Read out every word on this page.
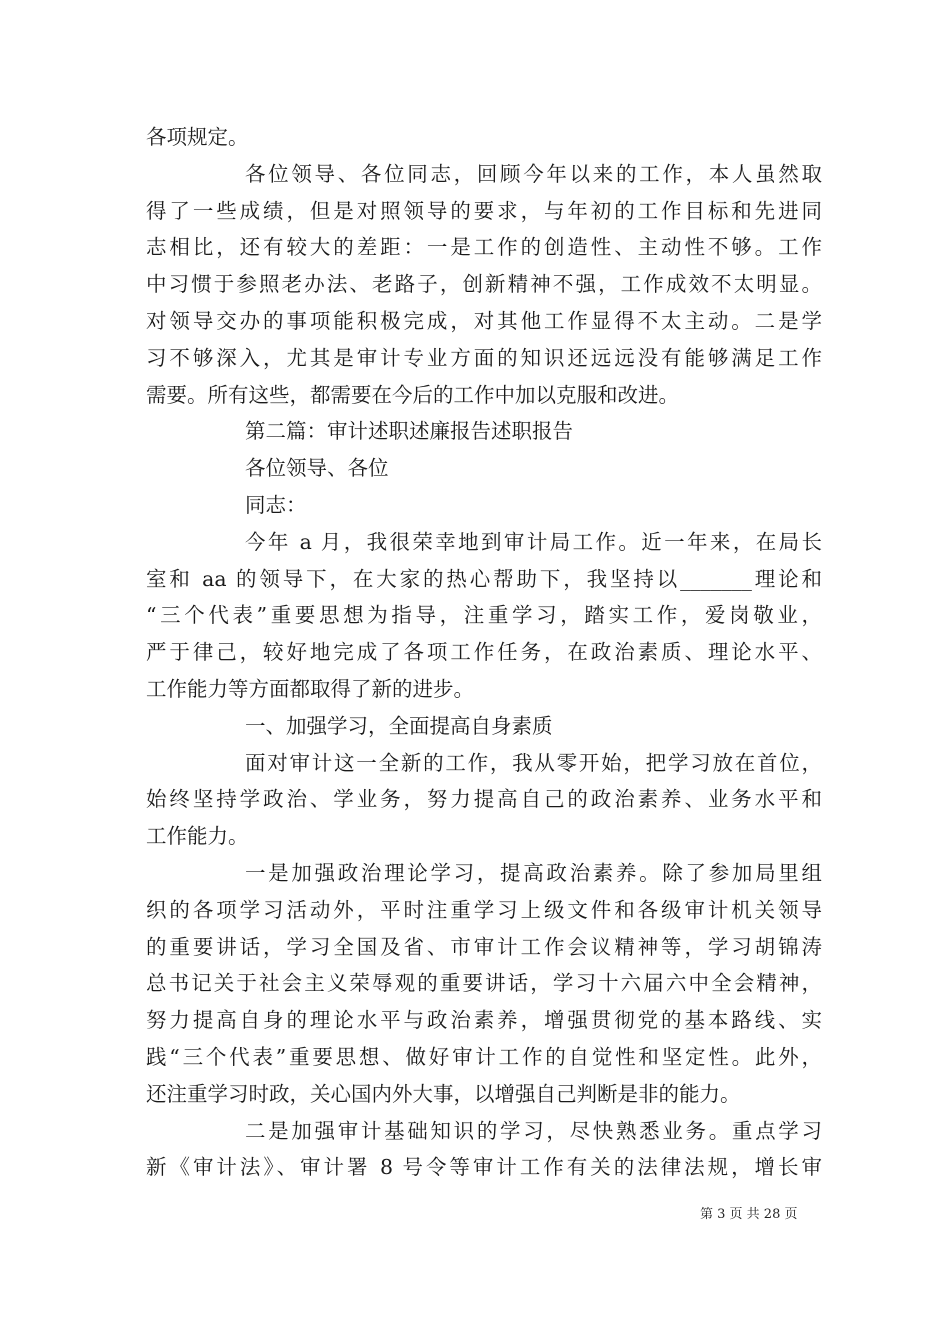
各项规定。
各位领导、各位同志，回顾今年以来的工作，本人虽然取
得了一些成绩，但是对照领导的要求，与年初的工作目标和先进同
志相比，还有较大的差距：一是工作的创造性、主动性不够。工作
中习惯于参照老办法、老路子，创新精神不强，工作成效不太明显。
对领导交办的事项能积极完成，对其他工作显得不太主动。二是学
习不够深入，尤其是审计专业方面的知识还远远没有能够满足工作
需要。所有这些，都需要在今后的工作中加以克服和改进。
第二篇：审计述职述廉报告述职报告
各位领导、各位
同志：
今年 a 月，我很荣幸地到审计局工作。近一年来，在局长
室和 aa 的领导下，在大家的热心帮助下，我坚持以_______理论和
“三个代表”重要思想为指导，注重学习，踏实工作，爱岗敬业，
严于律己，较好地完成了各项工作任务，在政治素质、理论水平、
工作能力等方面都取得了新的进步。
一、加强学习，全面提高自身素质
面对审计这一全新的工作，我从零开始，把学习放在首位，
始终坚持学政治、学业务，努力提高自己的政治素养、业务水平和
工作能力。
一是加强政治理论学习，提高政治素养。除了参加局里组
织的各项学习活动外，平时注重学习上级文件和各级审计机关领导
的重要讲话，学习全国及省、市审计工作会议精神等，学习胡锦涛
总书记关于社会主义荣辱观的重要讲话，学习十六届六中全会精神，
努力提高自身的理论水平与政治素养，增强贯彻党的基本路线、实
践“三个代表”重要思想、做好审计工作的自觉性和坚定性。此外，
还注重学习时政，关心国内外大事，以增强自己判断是非的能力。
二是加强审计基础知识的学习，尽快熟悉业务。重点学习
新《审计法》、审计署 8 号令等审计工作有关的法律法规，增长审
第 3 页 共 28 页
